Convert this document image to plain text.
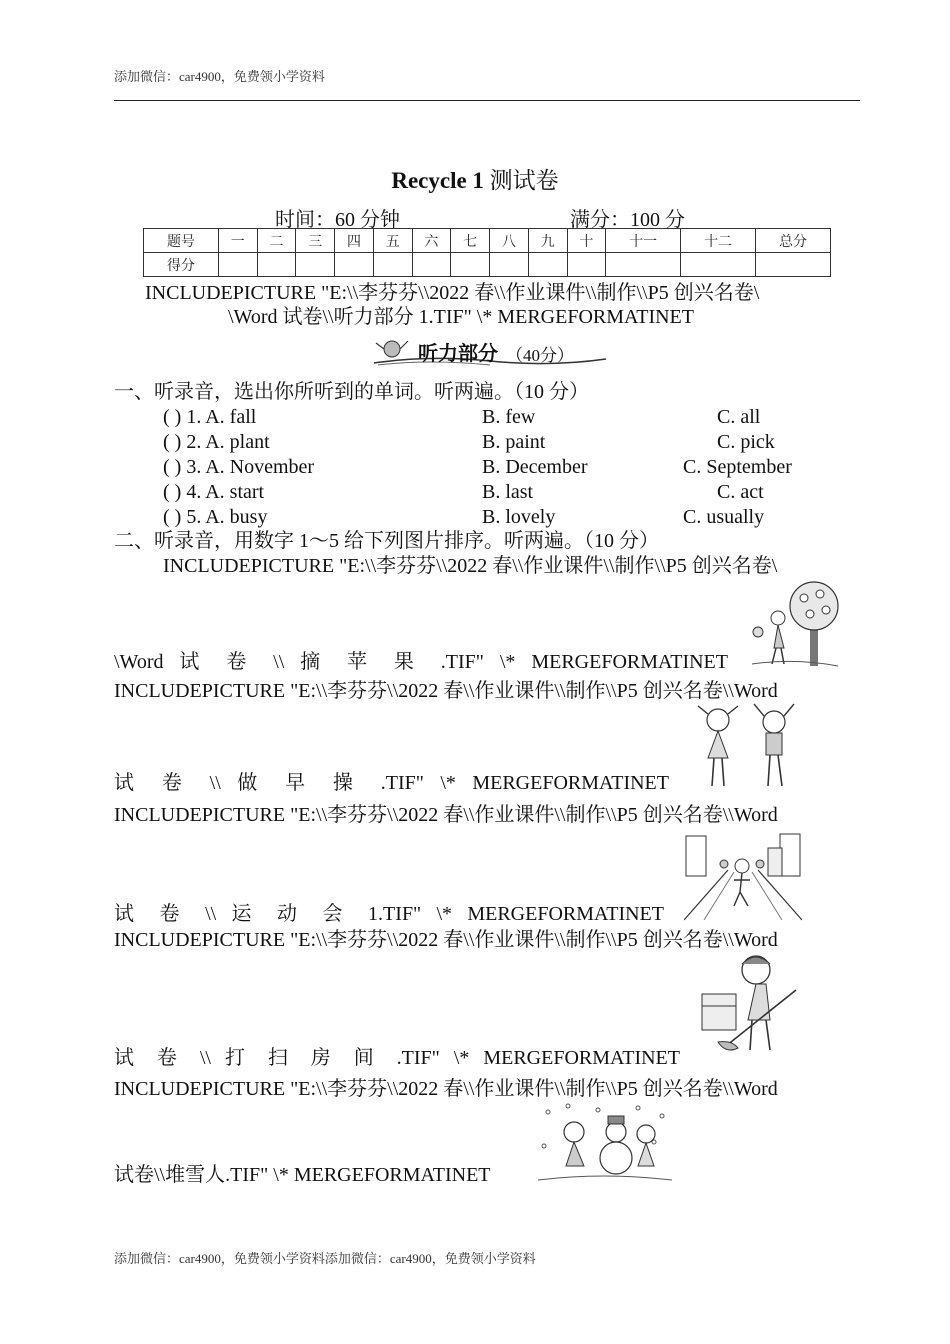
添加微信：car4900，免费领小学资料
Recycle 1 测试卷
时间：60 分钟	满分：100 分
题号	一	二	三	四	五	六	七	八	九	十	十一	十二	总分
得分													
INCLUDEPICTURE "E:\\李芬芬\\2022 春\\作业课件\\制作\\P5 创兴名卷\
\Word 试卷\\听力部分 1.TIF" \* MERGEFORMATINET
听力部分 （40分）
一、听录音，选出你所听到的单词。听两遍。（10 分）
( ) 1. A. fall	B. few	C. all
( ) 2. A. plant	B. paint	C. pick
( ) 3. A. November	B. December	C. September
( ) 4. A. start	B. last	C. act
( ) 5. A. busy	B. lovely	C. usually
二、听录音，用数字 1～5 给下列图片排序。听两遍。（10 分）
INCLUDEPICTURE "E:\\李芬芬\\2022 春\\作业课件\\制作\\P5 创兴名卷\
\Word 试 卷 \\ 摘 苹 果 .TIF" \* MERGEFORMATINET
INCLUDEPICTURE "E:\\李芬芬\\2022 春\\作业课件\\制作\\P5 创兴名卷\\Word
试 卷 \\ 做 早 操 .TIF" \* MERGEFORMATINET
INCLUDEPICTURE "E:\\李芬芬\\2022 春\\作业课件\\制作\\P5 创兴名卷\\Word
试 卷 \\ 运 动 会 1.TIF" \* MERGEFORMATINET
INCLUDEPICTURE "E:\\李芬芬\\2022 春\\作业课件\\制作\\P5 创兴名卷\\Word
试 卷 \\ 打 扫 房 间 .TIF" \* MERGEFORMATINET
INCLUDEPICTURE "E:\\李芬芬\\2022 春\\作业课件\\制作\\P5 创兴名卷\\Word
试卷\\堆雪人.TIF" \* MERGEFORMATINET
添加微信：car4900，免费领小学资料添加微信：car4900，免费领小学资料
